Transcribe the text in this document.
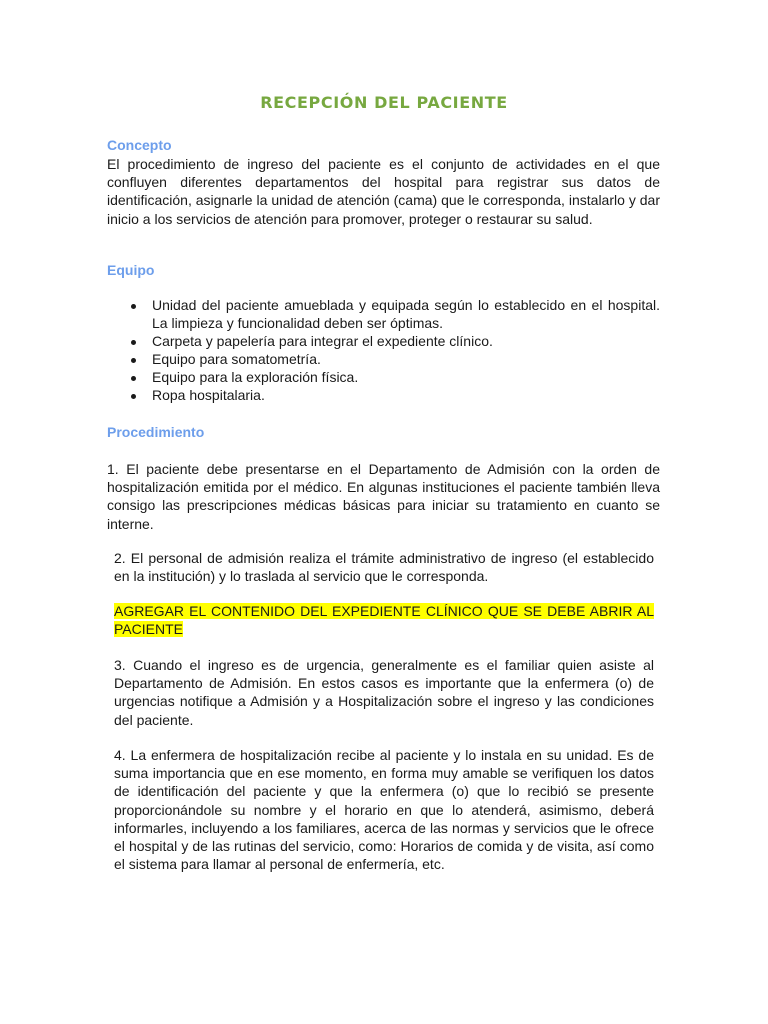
RECEPCIÓN DEL PACIENTE
Concepto
El procedimiento de ingreso del paciente es el conjunto de actividades en el que confluyen diferentes departamentos del hospital para registrar sus datos de identificación, asignarle la unidad de atención (cama) que le corresponda, instalarlo y dar inicio a los servicios de atención para promover, proteger o restaurar su salud.
Equipo
Unidad del paciente amueblada y equipada según lo establecido en el hospital. La limpieza y funcionalidad deben ser óptimas.
Carpeta y papelería para integrar el expediente clínico.
Equipo para somatometría.
Equipo para la exploración física.
Ropa hospitalaria.
Procedimiento
1. El paciente debe presentarse en el Departamento de Admisión con la orden de hospitalización emitida por el médico. En algunas instituciones el paciente también lleva consigo las prescripciones médicas básicas para iniciar su tratamiento en cuanto se interne.
2. El personal de admisión realiza el trámite administrativo de ingreso (el establecido en la institución) y lo traslada al servicio que le corresponda.
AGREGAR EL CONTENIDO DEL EXPEDIENTE CLÍNICO QUE SE DEBE ABRIR AL PACIENTE
3. Cuando el ingreso es de urgencia, generalmente es el familiar quien asiste al Departamento de Admisión. En estos casos es importante que la enfermera (o) de urgencias notifique a Admisión y a Hospitalización sobre el ingreso y las condiciones del paciente.
4. La enfermera de hospitalización recibe al paciente y lo instala en su unidad. Es de suma importancia que en ese momento, en forma muy amable se verifiquen los datos de identificación del paciente y que la enfermera (o) que lo recibió se presente proporcionándole su nombre y el horario en que lo atenderá, asimismo, deberá informarles, incluyendo a los familiares, acerca de las normas y servicios que le ofrece el hospital y de las rutinas del servicio, como: Horarios de comida y de visita, así como el sistema para llamar al personal de enfermería, etc.
